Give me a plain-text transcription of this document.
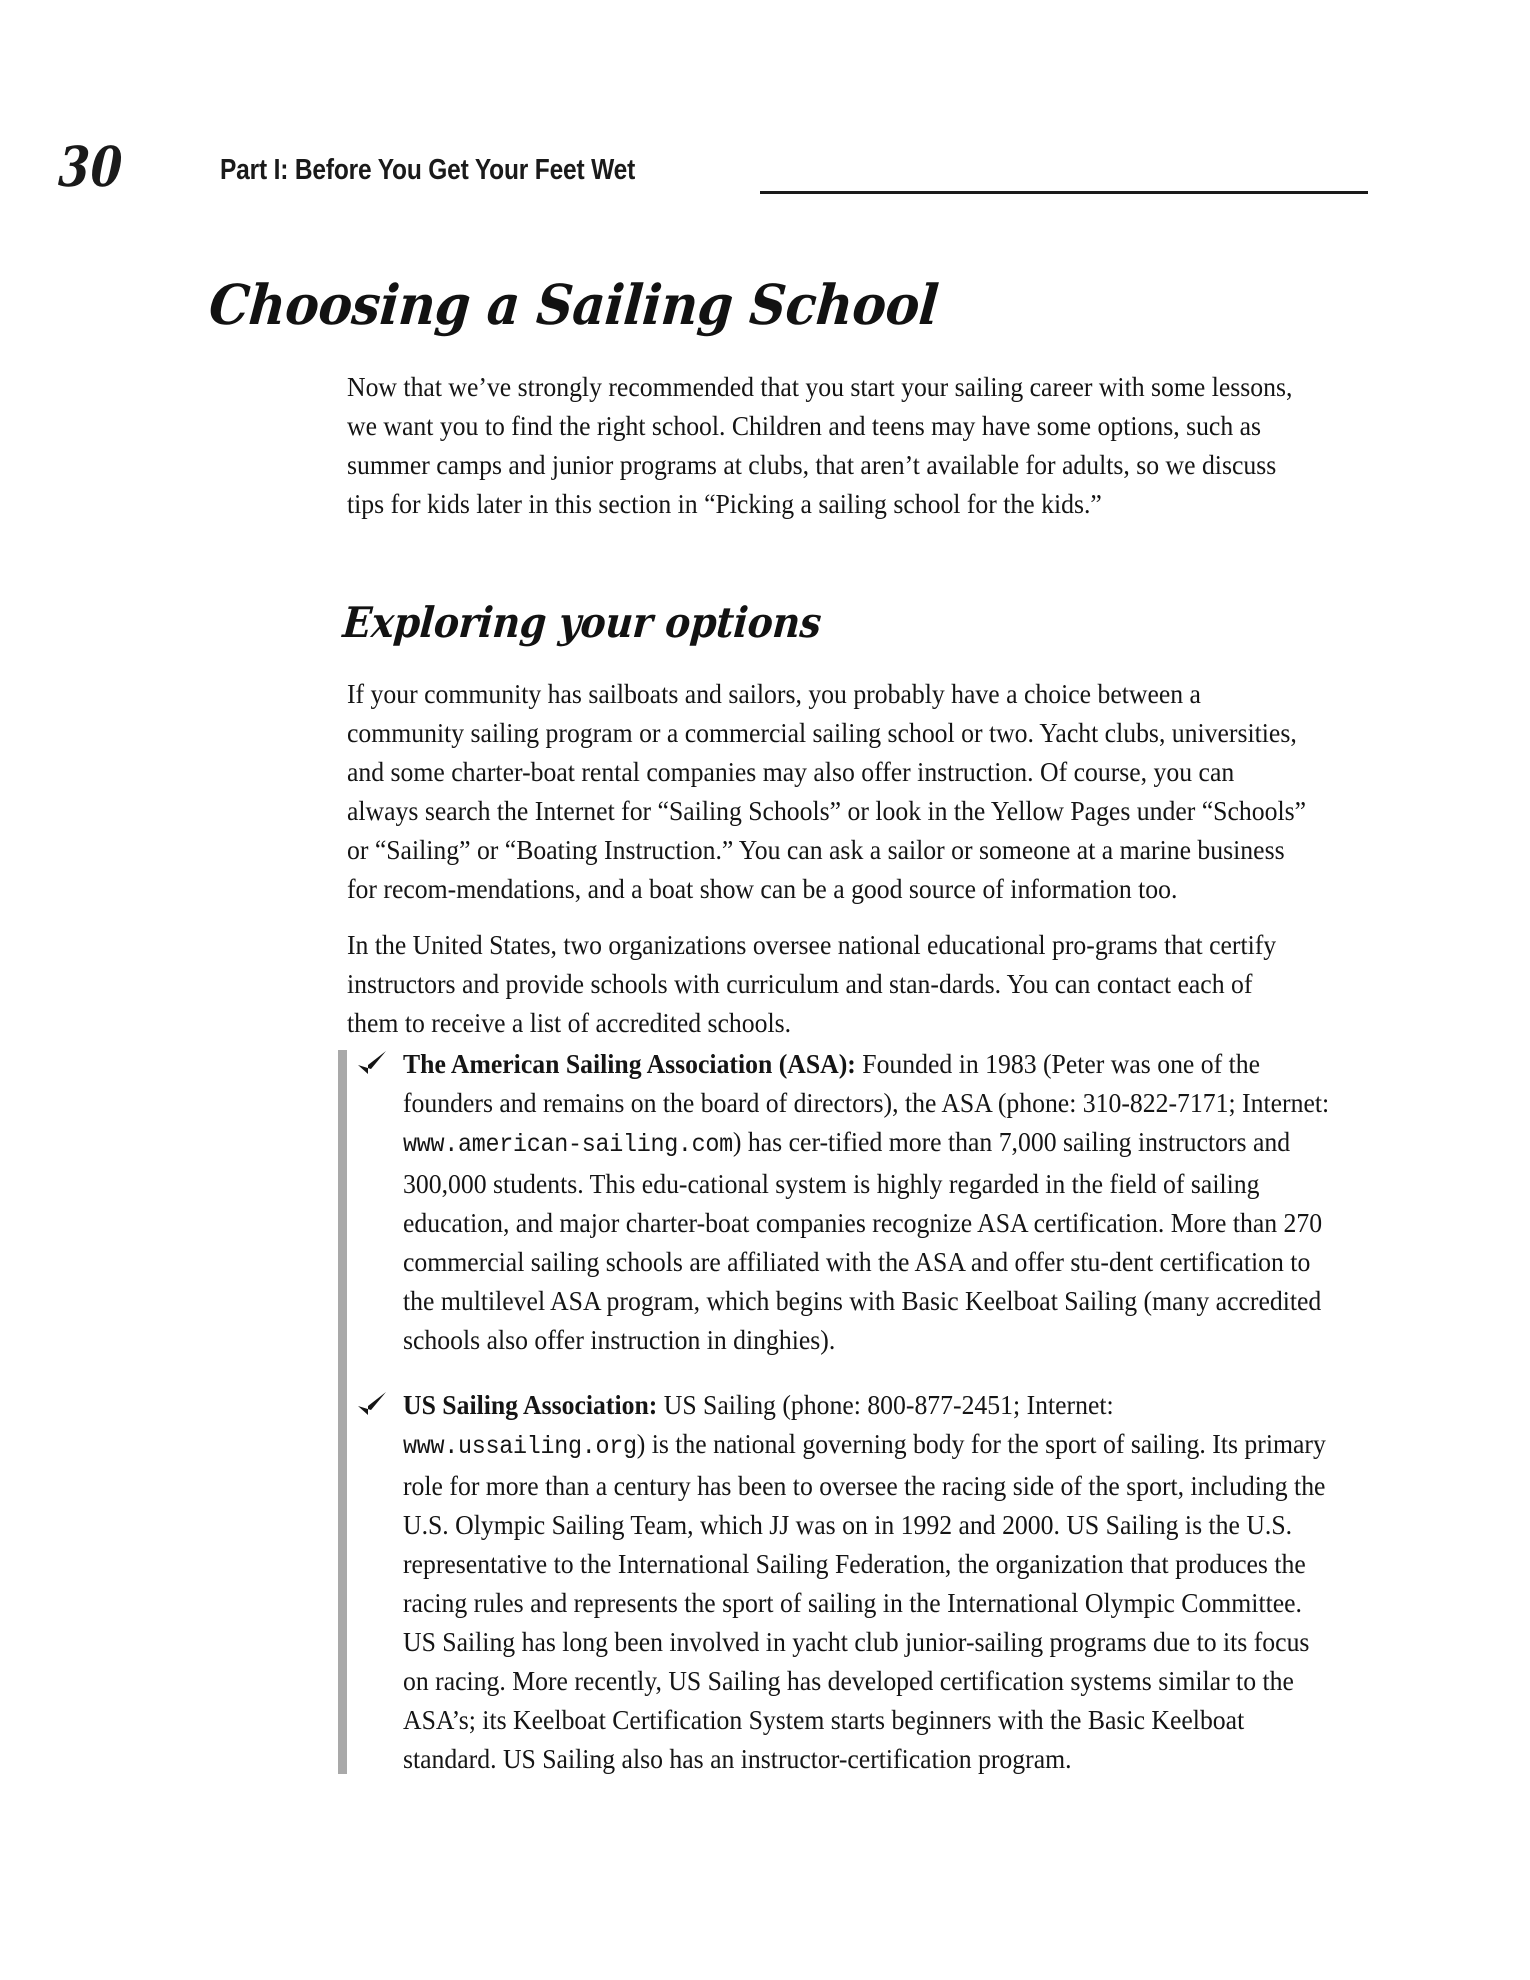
30	Part I: Before You Get Your Feet Wet
Choosing a Sailing School

Now that we’ve strongly recommended that you start your sailing career with some lessons, we want you to find the right school. Children and teens may have some options, such as summer camps and junior programs at clubs, that aren’t available for adults, so we discuss tips for kids later in this section in “Picking a sailing school for the kids.”

Exploring your options

If your community has sailboats and sailors, you probably have a choice between a community sailing program or a commercial sailing school or two. Yacht clubs, universities, and some charter-boat rental companies may also offer instruction. Of course, you can always search the Internet for “Sailing Schools” or look in the Yellow Pages under “Schools” or “Sailing” or “Boating Instruction.” You can ask a sailor or someone at a marine business for recom-mendations, and a boat show can be a good source of information too.

In the United States, two organizations oversee national educational pro-grams that certify instructors and provide schools with curriculum and stan-dards. You can contact each of them to receive a list of accredited schools.

The American Sailing Association (ASA): Founded in 1983 (Peter was one of the founders and remains on the board of directors), the ASA (phone: 310-822-7171; Internet: www.american-sailing.com) has cer-tified more than 7,000 sailing instructors and 300,000 students. This edu-cational system is highly regarded in the field of sailing education, and major charter-boat companies recognize ASA certification. More than 270 commercial sailing schools are affiliated with the ASA and offer stu-dent certification to the multilevel ASA program, which begins with Basic Keelboat Sailing (many accredited schools also offer instruction in dinghies).

US Sailing Association: US Sailing (phone: 800-877-2451; Internet: www.ussailing.org) is the national governing body for the sport of sailing. Its primary role for more than a century has been to oversee the racing side of the sport, including the U.S. Olympic Sailing Team, which JJ was on in 1992 and 2000. US Sailing is the U.S. representative to the International Sailing Federation, the organization that produces the racing rules and represents the sport of sailing in the International Olympic Committee. US Sailing has long been involved in yacht club junior-sailing programs due to its focus on racing. More recently, US Sailing has developed certification systems similar to the ASA’s; its Keelboat Certification System starts beginners with the Basic Keelboat standard. US Sailing also has an instructor-certification program.
